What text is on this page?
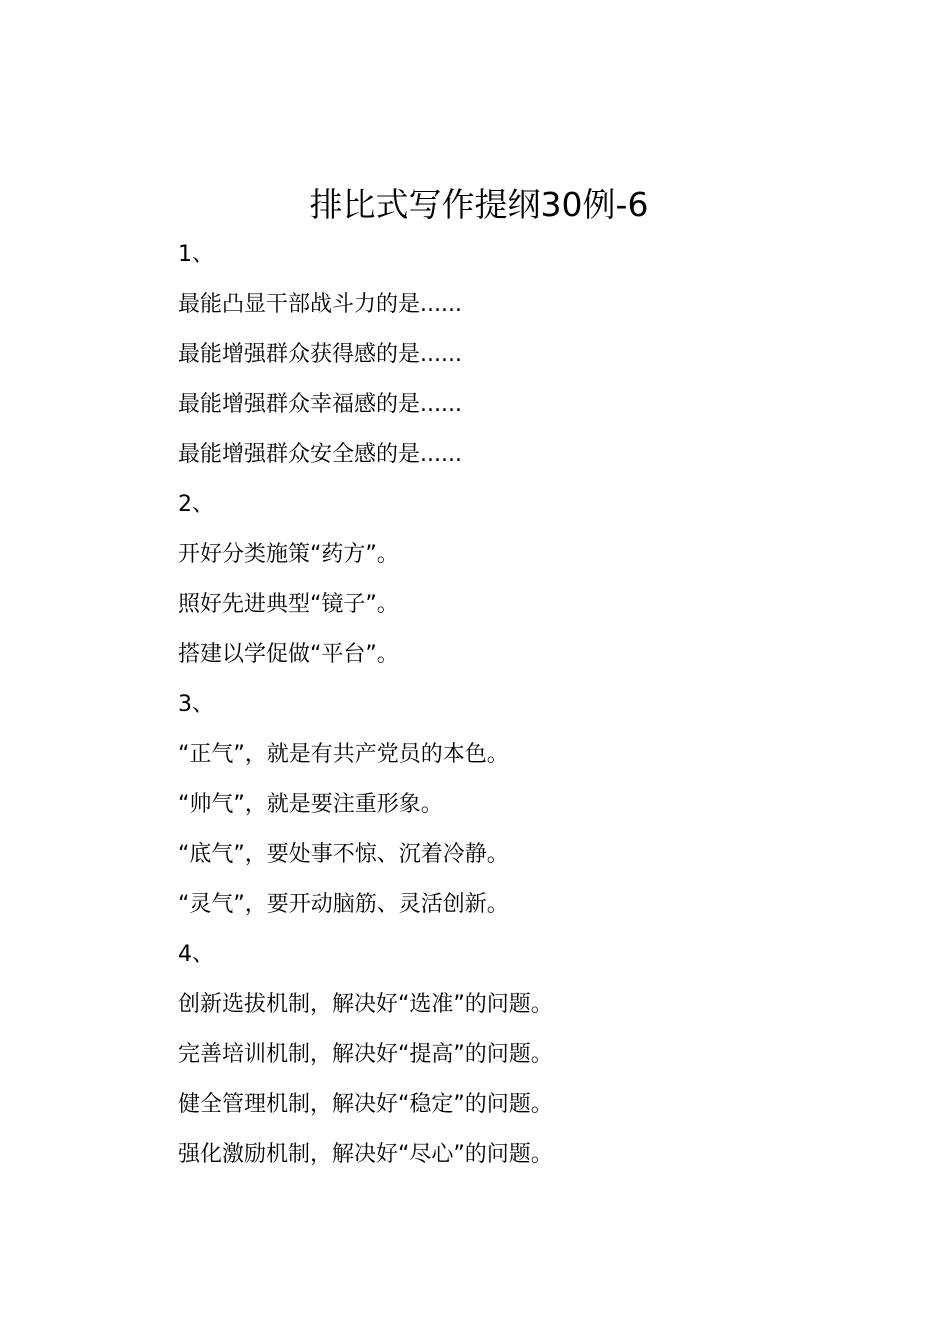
排比式写作提纲30例-6
1、
最能凸显干部战斗力的是......
最能增强群众获得感的是......
最能增强群众幸福感的是......
最能增强群众安全感的是......
2、
开好分类施策“药方”。
照好先进典型“镜子”。
搭建以学促做“平台”。
3、
“正气”，就是有共产党员的本色。
“帅气”，就是要注重形象。
“底气”，要处事不惊、沉着冷静。
“灵气”，要开动脑筋、灵活创新。
4、
创新选拔机制，解决好“选准”的问题。
完善培训机制，解决好“提高”的问题。
健全管理机制，解决好“稳定”的问题。
强化激励机制，解决好“尽心”的问题。
